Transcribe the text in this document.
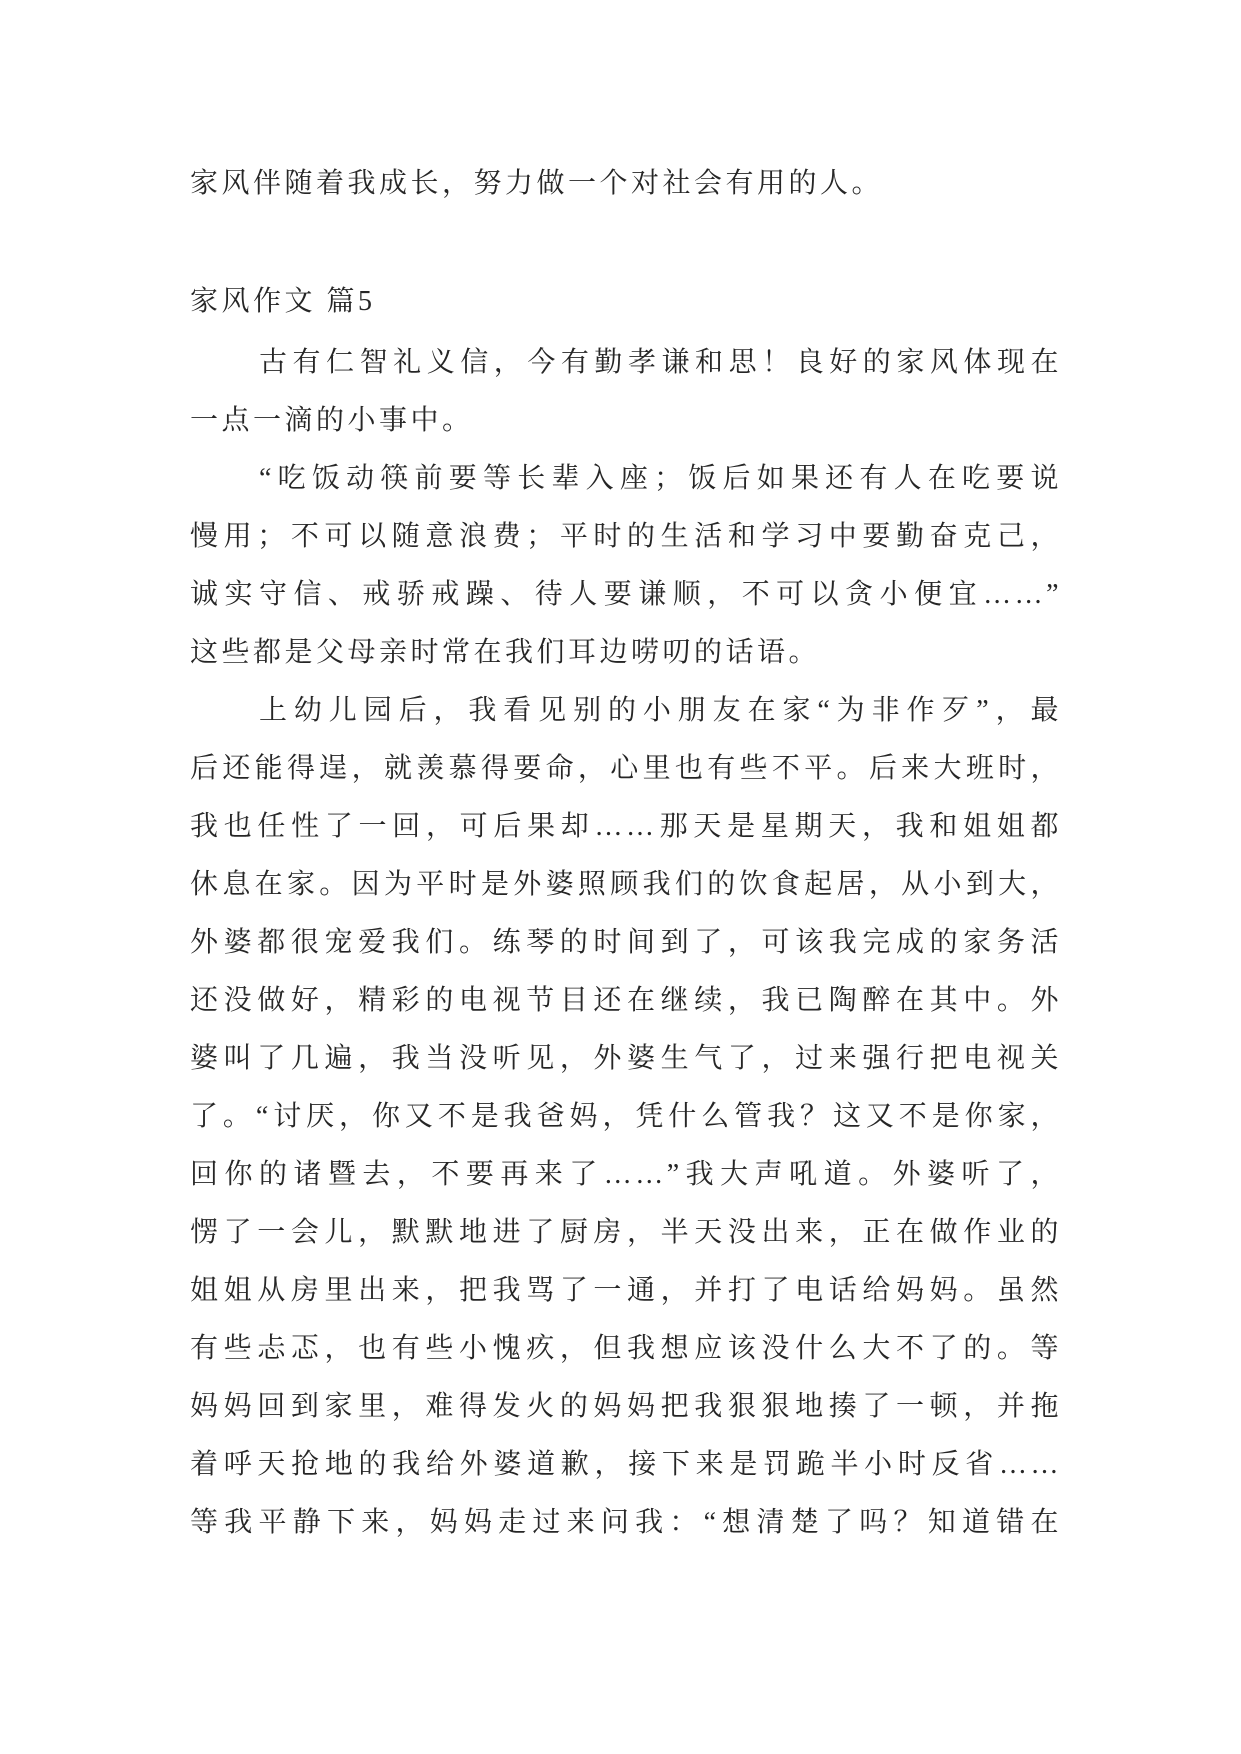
家风伴随着我成长，努力做一个对社会有用的人。
家风作文 篇5
古有仁智礼义信，今有勤孝谦和思！良好的家风体现在
一点一滴的小事中。
“吃饭动筷前要等长辈入座；饭后如果还有人在吃要说
慢用；不可以随意浪费；平时的生活和学习中要勤奋克己，
诚实守信、戒骄戒躁、待人要谦顺，不可以贪小便宜……”
这些都是父母亲时常在我们耳边唠叨的话语。
上幼儿园后，我看见别的小朋友在家“为非作歹”，最
后还能得逞，就羡慕得要命，心里也有些不平。后来大班时，
我也任性了一回，可后果却……那天是星期天，我和姐姐都
休息在家。因为平时是外婆照顾我们的饮食起居，从小到大，
外婆都很宠爱我们。练琴的时间到了，可该我完成的家务活
还没做好，精彩的电视节目还在继续，我已陶醉在其中。外
婆叫了几遍，我当没听见，外婆生气了，过来强行把电视关
了。“讨厌，你又不是我爸妈，凭什么管我？这又不是你家，
回你的诸暨去，不要再来了……”我大声吼道。外婆听了，
愣了一会儿，默默地进了厨房，半天没出来，正在做作业的
姐姐从房里出来，把我骂了一通，并打了电话给妈妈。虽然
有些忐忑，也有些小愧疚，但我想应该没什么大不了的。等
妈妈回到家里，难得发火的妈妈把我狠狠地揍了一顿，并拖
着呼天抢地的我给外婆道歉，接下来是罚跪半小时反省……
等我平静下来，妈妈走过来问我：“想清楚了吗？知道错在
